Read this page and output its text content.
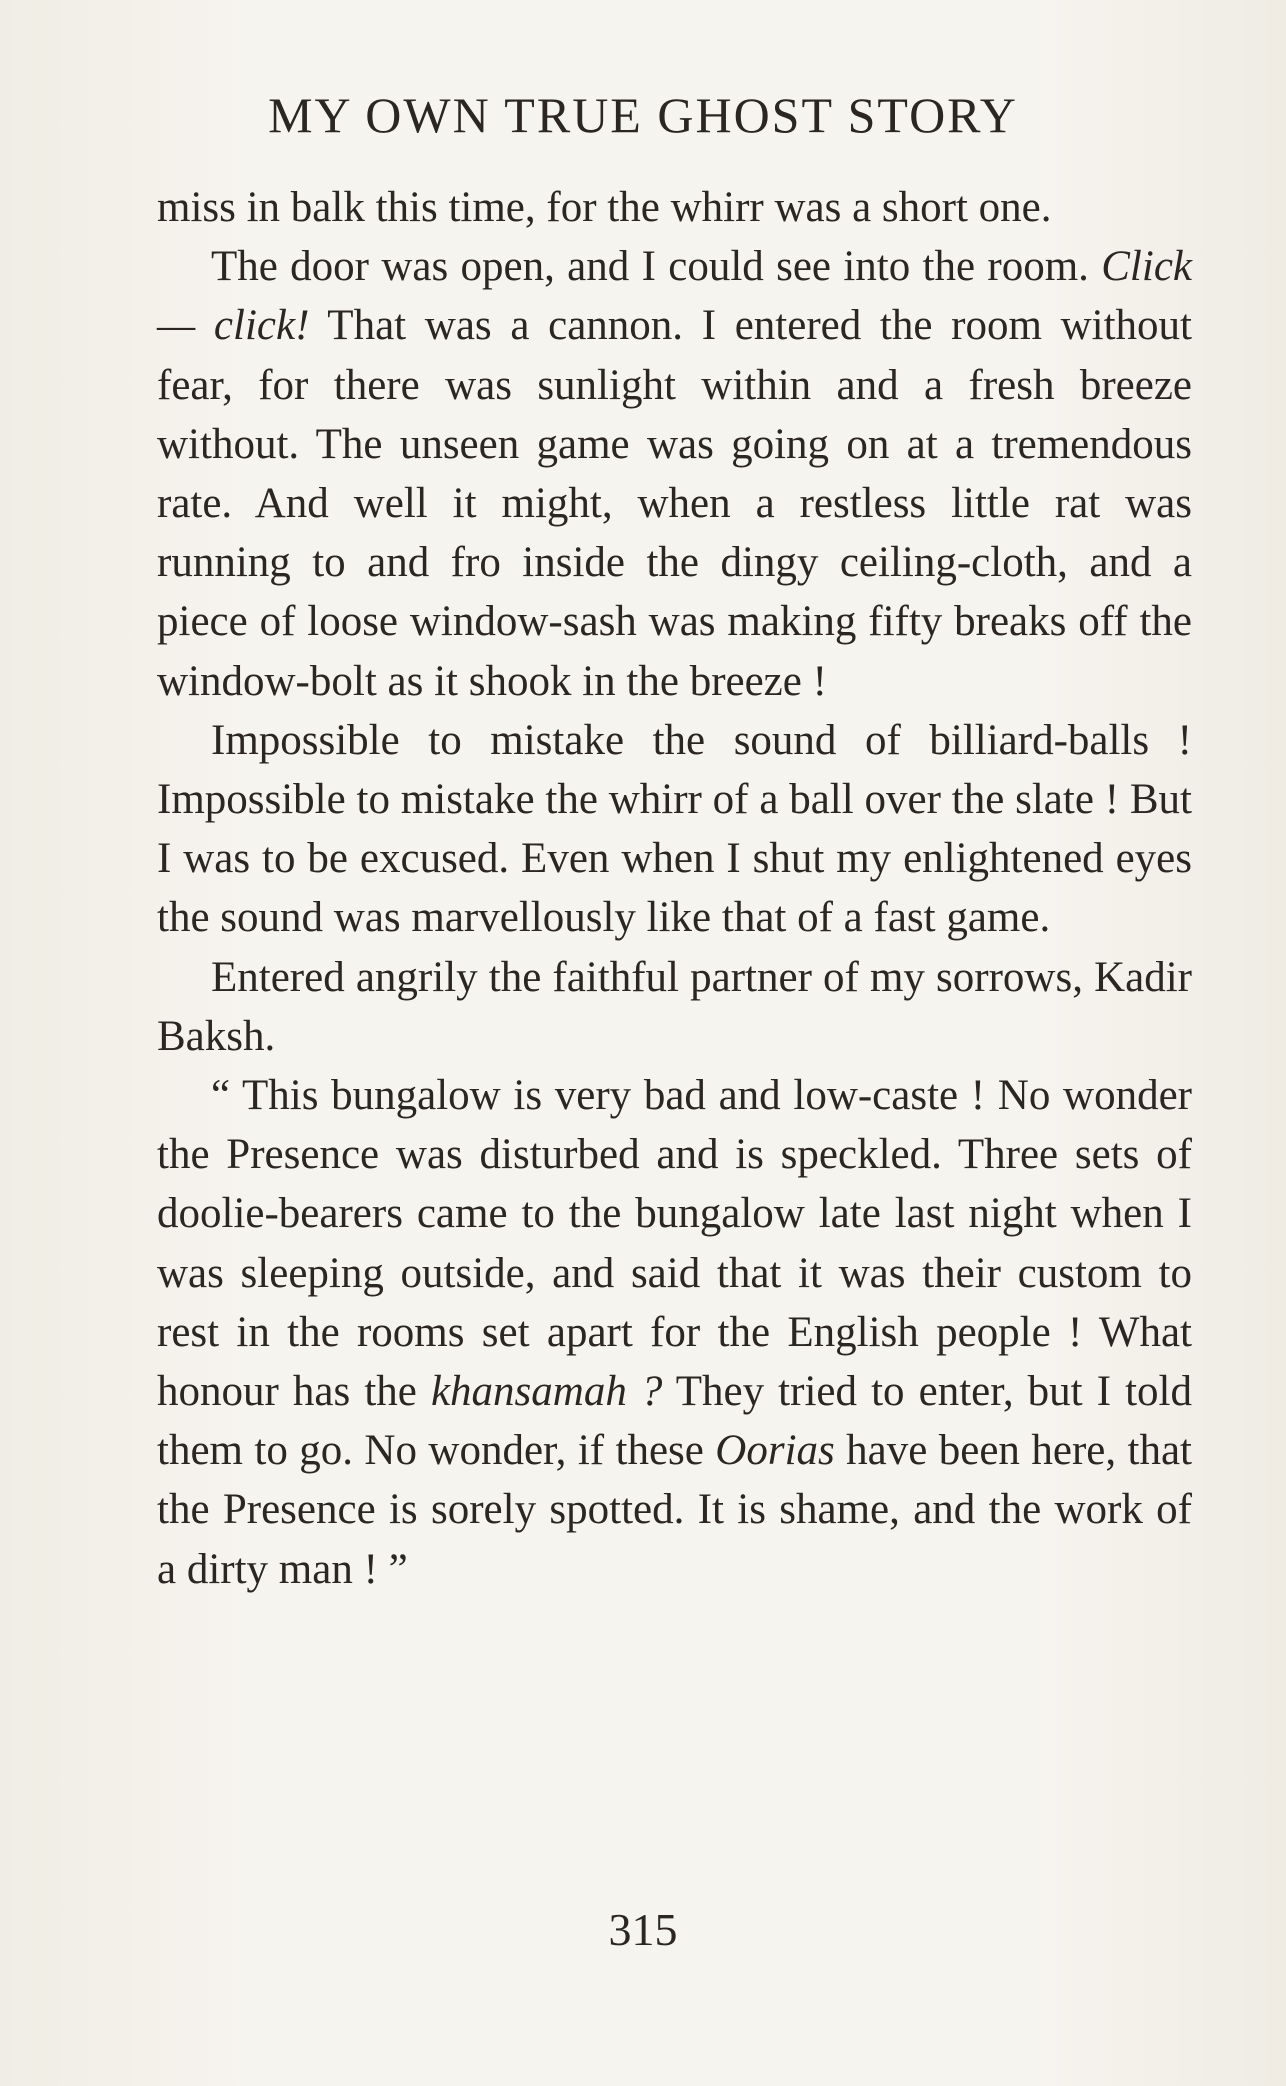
MY OWN TRUE GHOST STORY

miss in balk this time, for the whirr was a short one.

The door was open, and I could see into the room. Click — click! That was a cannon. I entered the room without fear, for there was sunlight within and a fresh breeze without. The unseen game was going on at a tremendous rate. And well it might, when a restless little rat was running to and fro inside the dingy ceiling-cloth, and a piece of loose window-sash was making fifty breaks off the window-bolt as it shook in the breeze !

Impossible to mistake the sound of billiard-balls ! Impossible to mistake the whirr of a ball over the slate ! But I was to be excused. Even when I shut my enlightened eyes the sound was marvellously like that of a fast game.

Entered angrily the faithful partner of my sorrows, Kadir Baksh.

“ This bungalow is very bad and low-caste ! No wonder the Presence was disturbed and is speckled. Three sets of doolie-bearers came to the bungalow late last night when I was sleeping outside, and said that it was their custom to rest in the rooms set apart for the English people ! What honour has the khansamah ? They tried to enter, but I told them to go. No wonder, if these Oorias have been here, that the Presence is sorely spotted. It is shame, and the work of a dirty man ! ”

315
